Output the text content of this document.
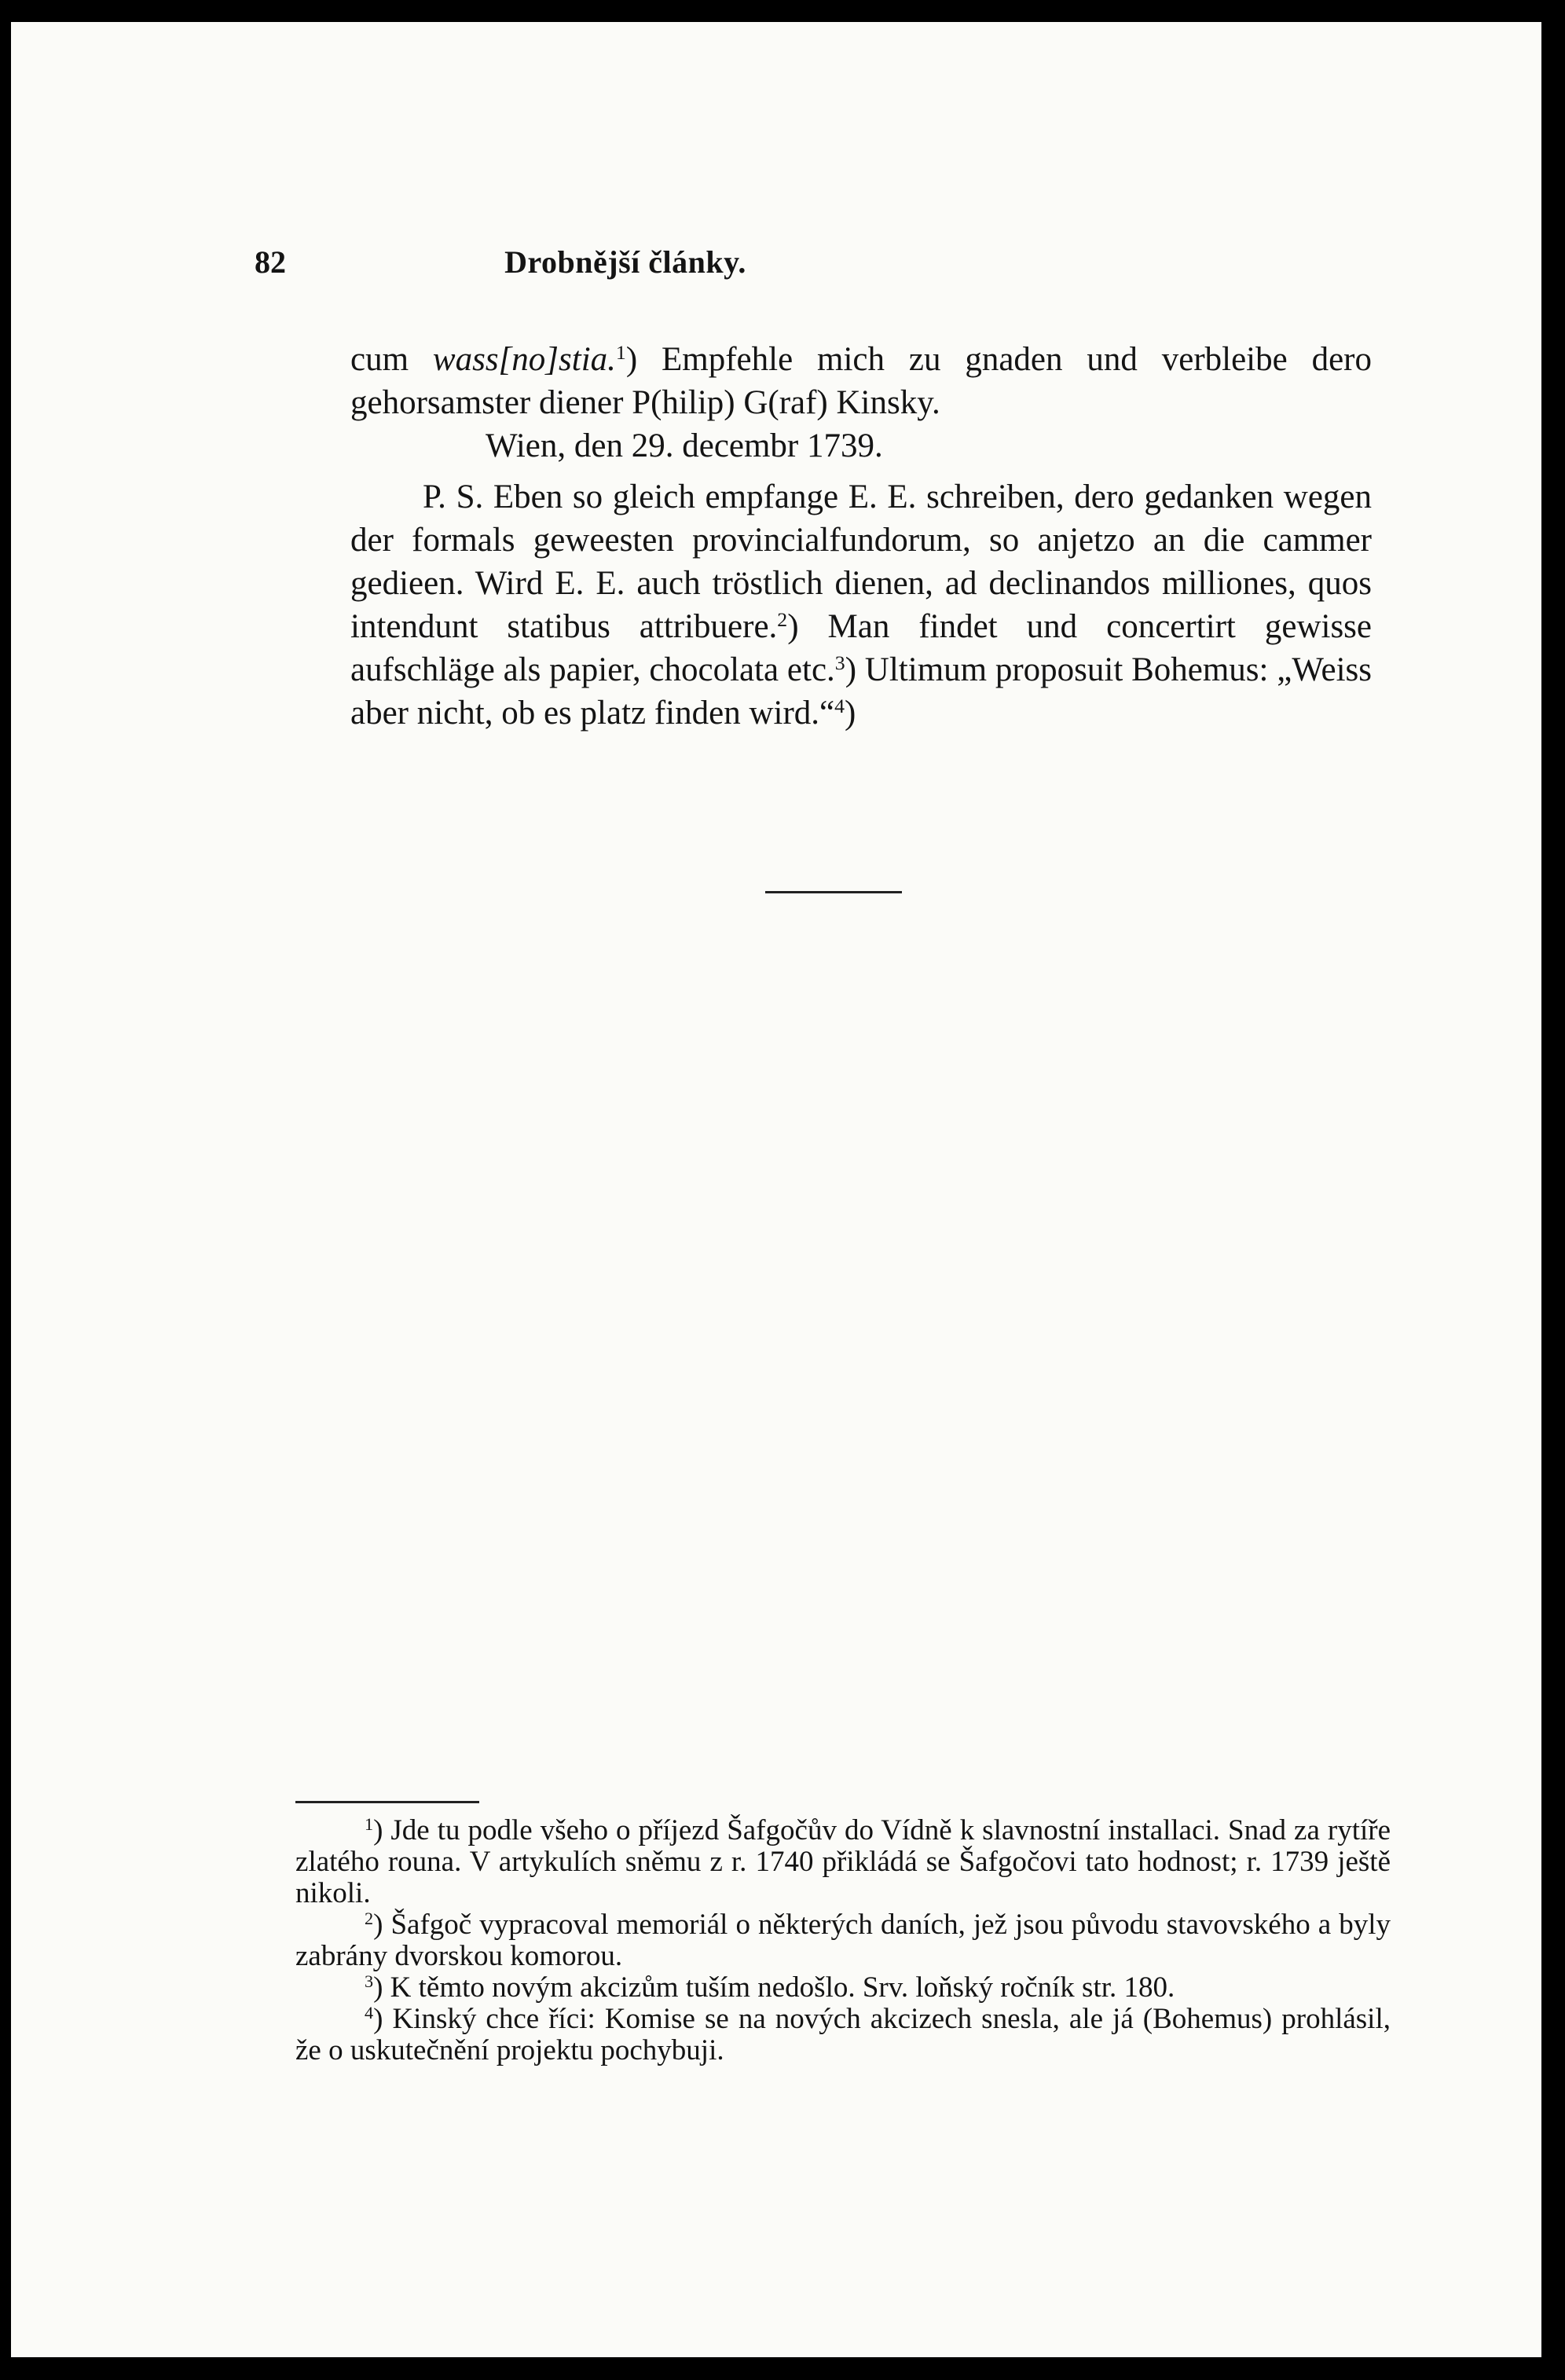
82	Drobnější články.

cum wass[no]stia.$^1$) Empfehle mich zu gnaden und verbleibe dero gehorsamster diener P(hilip) G(raf) Kinsky.

Wien, den 29. decembr 1739.

P. S. Eben so gleich empfange E. E. schreiben, dero gedanken wegen der formals geweesten provincialfundorum, so anjetzo an die cammer gedieen. Wird E. E. auch tröstlich dienen, ad declinandos milliones, quos intendunt statibus attribuere.$^2$) Man findet und concertirt gewisse aufschläge als papier, chocolata etc.$^3$) Ultimum proposuit Bohemus: „Weiss aber nicht, ob es platz finden wird.“$^4$)

$^1$) Jde tu podle všeho o příjezd Šafgočův do Vídně k slavnostní installaci. Snad za rytíře zlatého rouna. V artykulích sněmu z r. 1740 přikládá se Šafgočovi tato hodnost; r. 1739 ještě nikoli.

$^2$) Šafgoč vypracoval memoriál o některých daních, jež jsou původu stavovského a byly zabrány dvorskou komorou.

$^3$) K těmto novým akcizům tuším nedošlo. Srv. loňský ročník str. 180.

$^4$) Kinský chce říci: Komise se na nových akcizech snesla, ale já (Bohemus) prohlásil, že o uskutečnění projektu pochybuji.
